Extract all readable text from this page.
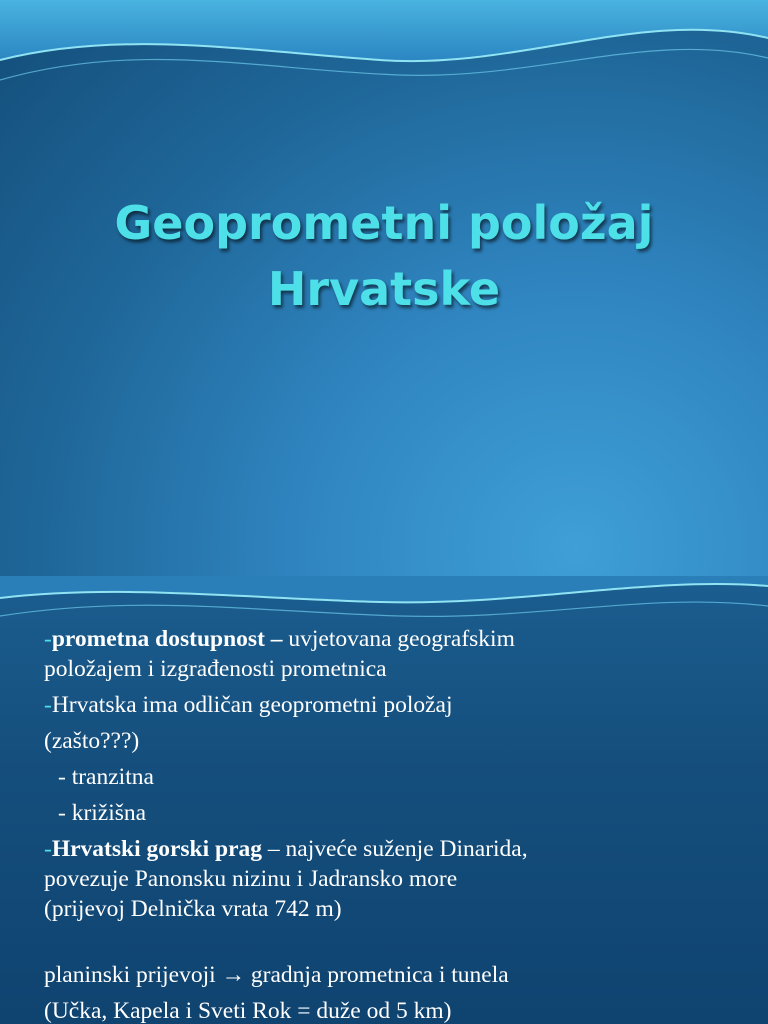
Geoprometni položaj
Hrvatske

-prometna dostupnost – uvjetovana geografskim
položajem i izgrađenosti prometnica

-Hrvatska ima odličan geoprometni položaj

(zašto???)

- tranzitna

- križišna

-Hrvatski gorski prag – najveće suženje Dinarida,
povezuje Panonsku nizinu i Jadransko more
(prijevoj Delnička vrata 742 m)

planinski prijevoji → gradnja prometnica i tunela

(Učka, Kapela i Sveti Rok = duže od 5 km)
